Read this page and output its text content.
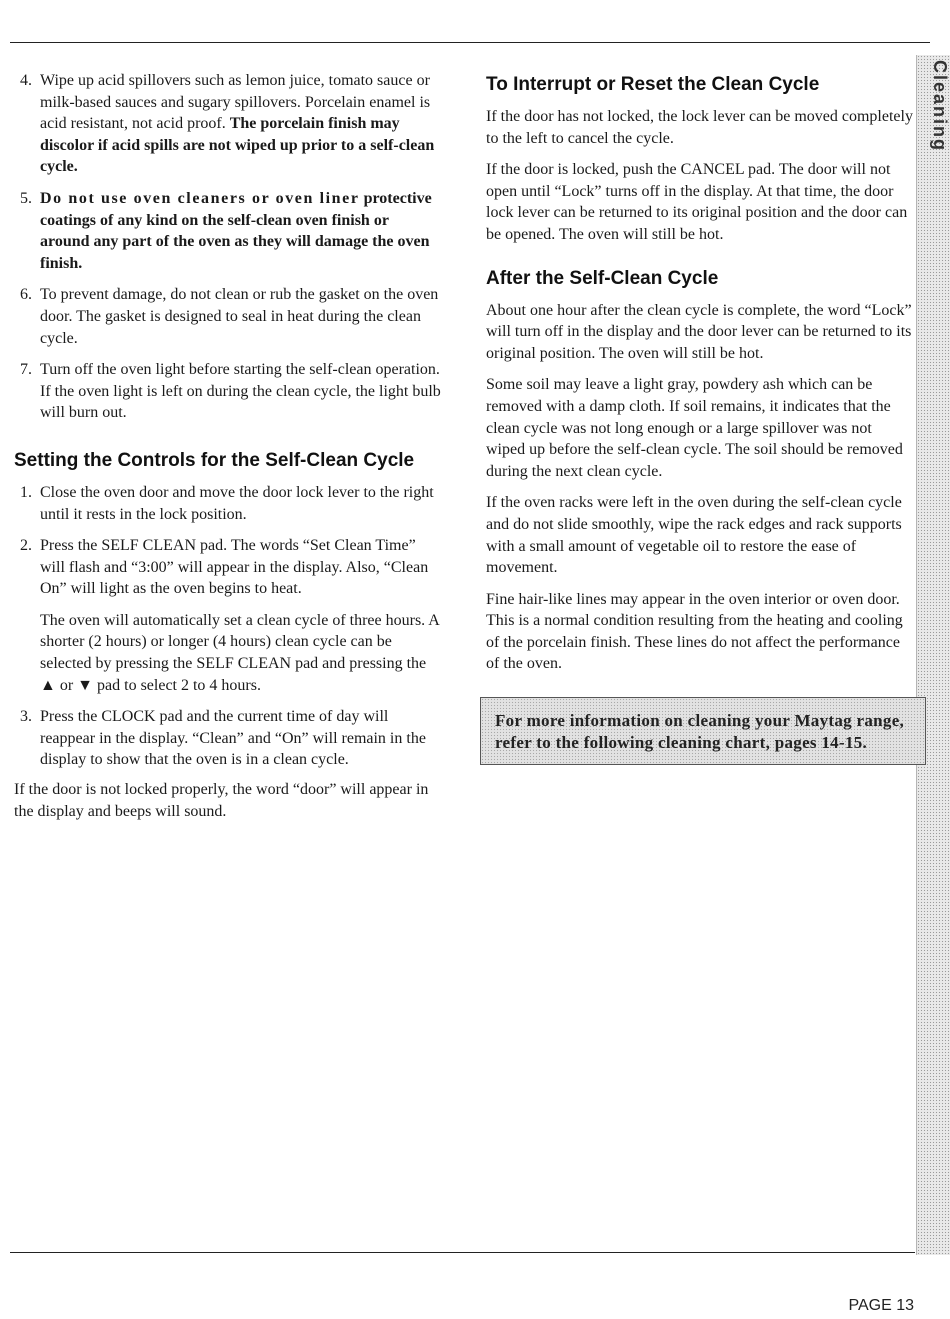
Cleaning
4. Wipe up acid spillovers such as lemon juice, tomato sauce or milk-based sauces and sugary spillovers. Porcelain enamel is acid resistant, not acid proof. The porcelain finish may discolor if acid spills are not wiped up prior to a self-clean cycle.
5. Do not use oven cleaners or oven liner protective coatings of any kind on the self-clean oven finish or around any part of the oven as they will damage the oven finish.
6. To prevent damage, do not clean or rub the gasket on the oven door. The gasket is designed to seal in heat during the clean cycle.
7. Turn off the oven light before starting the self-clean operation. If the oven light is left on during the clean cycle, the light bulb will burn out.
Setting the Controls for the Self-Clean Cycle
1. Close the oven door and move the door lock lever to the right until it rests in the lock position.
2. Press the SELF CLEAN pad. The words “Set Clean Time” will flash and “3:00” will appear in the display. Also, “Clean On” will light as the oven begins to heat.

The oven will automatically set a clean cycle of three hours. A shorter (2 hours) or longer (4 hours) clean cycle can be selected by pressing the SELF CLEAN pad and pressing the ▲ or ▼ pad to select 2 to 4 hours.

3. Press the CLOCK pad and the current time of day will reappear in the display. “Clean” and “On” will remain in the display to show that the oven is in a clean cycle.

If the door is not locked properly, the word “door” will appear in the display and beeps will sound.

To Interrupt or Reset the Clean Cycle

If the door has not locked, the lock lever can be moved completely to the left to cancel the cycle.

If the door is locked, push the CANCEL pad. The door will not open until “Lock” turns off in the display. At that time, the door lock lever can be returned to its original position and the door can be opened. The oven will still be hot.

After the Self-Clean Cycle

About one hour after the clean cycle is complete, the word “Lock” will turn off in the display and the door lever can be returned to its original position. The oven will still be hot.

Some soil may leave a light gray, powdery ash which can be removed with a damp cloth. If soil remains, it indicates that the clean cycle was not long enough or a large spillover was not wiped up before the self-clean cycle. The soil should be removed during the next clean cycle.

If the oven racks were left in the oven during the self-clean cycle and do not slide smoothly, wipe the rack edges and rack supports with a small amount of vegetable oil to restore the ease of movement.

Fine hair-like lines may appear in the oven interior or oven door. This is a normal condition resulting from the heating and cooling of the porcelain finish. These lines do not affect the performance of the oven.

For more information on cleaning your Maytag range, refer to the following cleaning chart, pages 14-15.
PAGE 13
